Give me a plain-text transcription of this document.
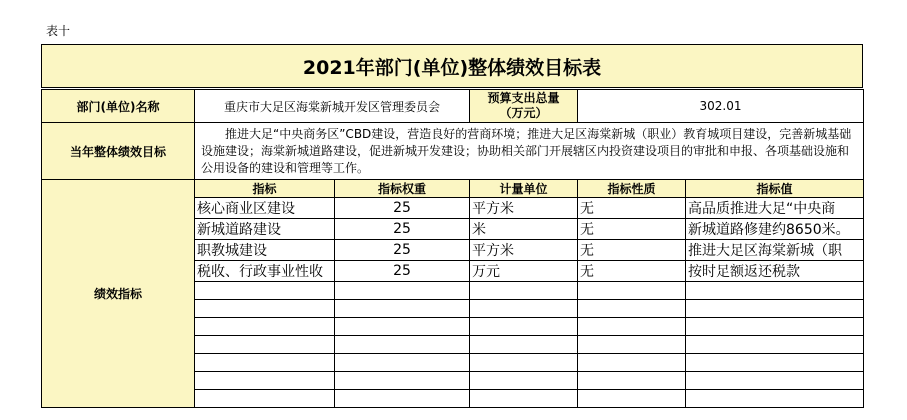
表十
2021年部门(单位)整体绩效目标表
部门(单位)名称	重庆市大足区海棠新城开发区管理委员会		预算支出总量
（万元）	302.01	
当年整体绩效目标	推进大足“中央商务区”CBD建设，营造良好的营商环境；推进大足区海棠新城（职业）教育城项目建设，完善新城基础设施建设；海棠新城道路建设，促进新城开发建设；协助相关部门开展辖区内投资建设项目的审批和申报、各项基础设施和公用设备的建设和管理等工作。				
绩效指标	指标	指标权重	计量单位	指标性质	指标值
	核心商业区建设	25	平方米	无	高品质推进大足“中央商
	新城道路建设	25	米	无	新城道路修建约8650米。
	职教城建设	25	平方米	无	推进大足区海棠新城（职
	税收、行政事业性收	25	万元	无	按时足额返还税款
